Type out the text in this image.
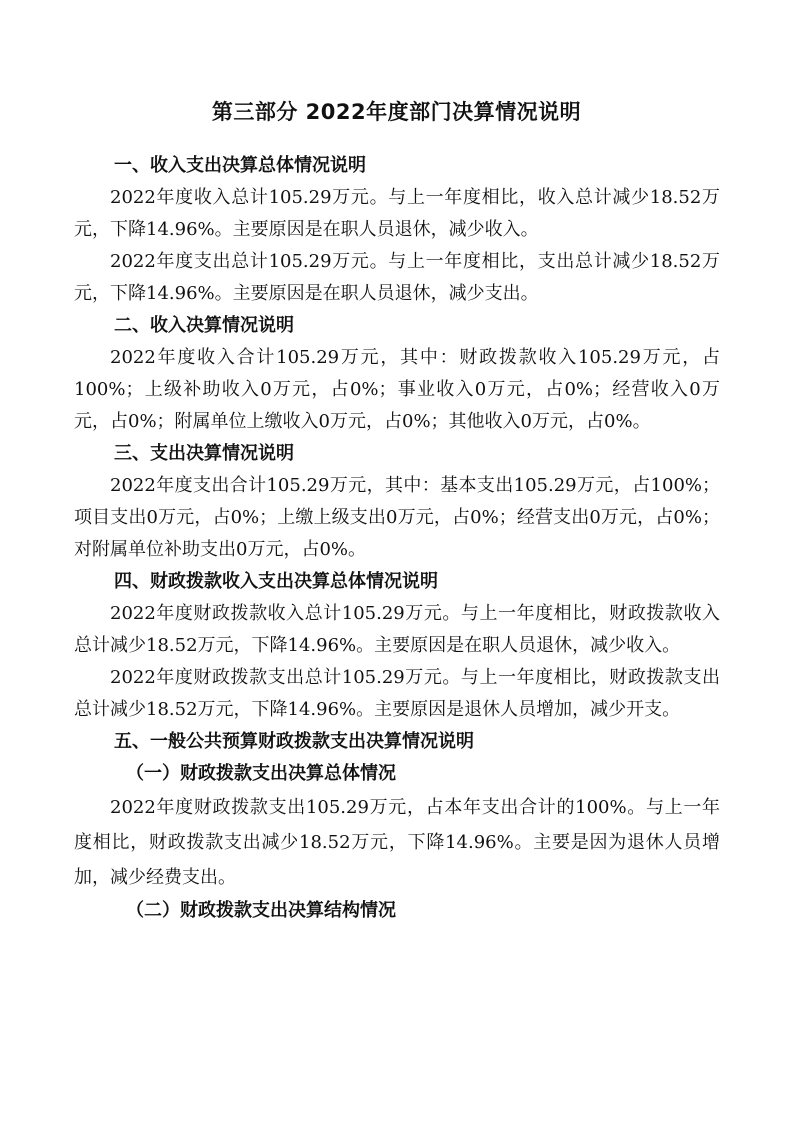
第三部分 2022年度部门决算情况说明
一、收入支出决算总体情况说明

2022年度收入总计105.29万元。与上一年度相比，收入总计减少18.52万元，下降14.96%。主要原因是在职人员退休，减少收入。

2022年度支出总计105.29万元。与上一年度相比，支出总计减少18.52万元，下降14.96%。主要原因是在职人员退休，减少支出。

二、收入决算情况说明

2022年度收入合计105.29万元，其中：财政拨款收入105.29万元，占100%；上级补助收入0万元，占0%；事业收入0万元，占0%；经营收入0万元，占0%；附属单位上缴收入0万元，占0%；其他收入0万元，占0%。

三、支出决算情况说明

2022年度支出合计105.29万元，其中：基本支出105.29万元，占100%；项目支出0万元，占0%；上缴上级支出0万元，占0%；经营支出0万元，占0%；对附属单位补助支出0万元，占0%。

四、财政拨款收入支出决算总体情况说明

2022年度财政拨款收入总计105.29万元。与上一年度相比，财政拨款收入总计减少18.52万元，下降14.96%。主要原因是在职人员退休，减少收入。

2022年度财政拨款支出总计105.29万元。与上一年度相比，财政拨款支出总计减少18.52万元，下降14.96%。主要原因是退休人员增加，减少开支。

五、一般公共预算财政拨款支出决算情况说明
（一）财政拨款支出决算总体情况

2022年度财政拨款支出105.29万元，占本年支出合计的100%。与上一年度相比，财政拨款支出减少18.52万元，下降14.96%。主要是因为退休人员增加，减少经费支出。

（二）财政拨款支出决算结构情况
